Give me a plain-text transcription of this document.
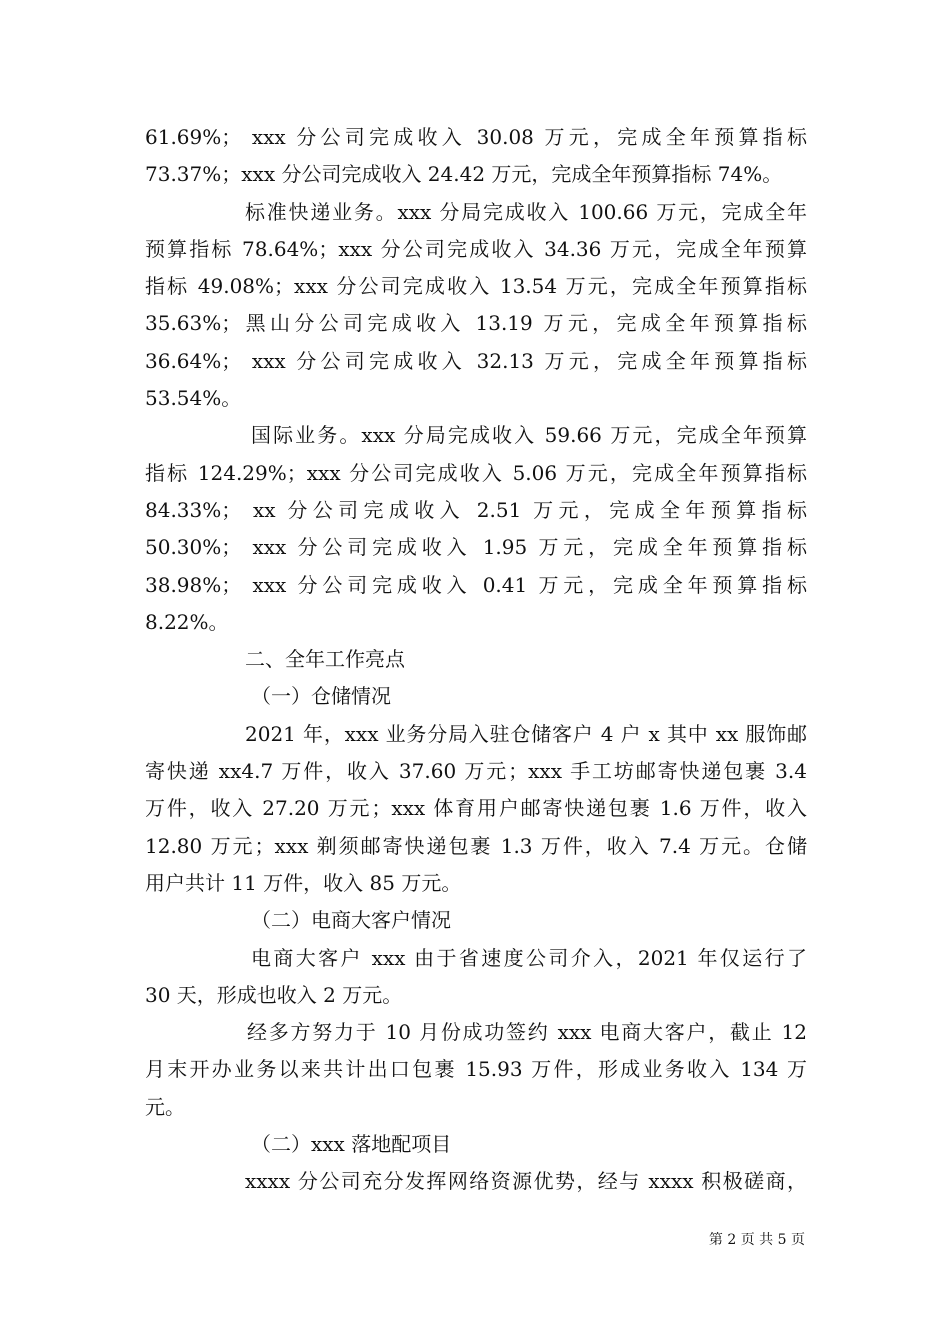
61.69%； xxx 分公司完成收入 30.08 万元，完成全年预算指标
73.37%；xxx 分公司完成收入 24.42 万元，完成全年预算指标 74%。
标准快递业务。xxx 分局完成收入 100.66 万元，完成全年
预算指标 78.64%；xxx 分公司完成收入 34.36 万元，完成全年预算
指标 49.08%；xxx 分公司完成收入 13.54 万元，完成全年预算指标
35.63%；黑山分公司完成收入 13.19 万元，完成全年预算指标
36.64%； xxx 分公司完成收入 32.13 万元，完成全年预算指标
53.54%。
国际业务。xxx 分局完成收入 59.66 万元，完成全年预算
指标 124.29%；xxx 分公司完成收入 5.06 万元，完成全年预算指标
84.33%； xx 分公司完成收入 2.51 万元，完成全年预算指标
50.30%； xxx 分公司完成收入 1.95 万元，完成全年预算指标
38.98%； xxx 分公司完成收入 0.41 万元，完成全年预算指标
8.22%。
二、全年工作亮点
（一）仓储情况
2021 年，xxx 业务分局入驻仓储客户 4 户 x 其中 xx 服饰邮
寄快递 xx4.7 万件，收入 37.60 万元；xxx 手工坊邮寄快递包裹 3.4
万件，收入 27.20 万元；xxx 体育用户邮寄快递包裹 1.6 万件，收入
12.80 万元；xxx 剃须邮寄快递包裹 1.3 万件，收入 7.4 万元。仓储
用户共计 11 万件，收入 85 万元。
（二）电商大客户情况
电商大客户 xxx 由于省速度公司介入，2021 年仅运行了
30 天，形成也收入 2 万元。
经多方努力于 10 月份成功签约 xxx 电商大客户，截止 12
月末开办业务以来共计出口包裹 15.93 万件，形成业务收入 134 万
元。
（二）xxx 落地配项目
xxxx 分公司充分发挥网络资源优势，经与 xxxx 积极磋商，
第 2 页 共 5 页
